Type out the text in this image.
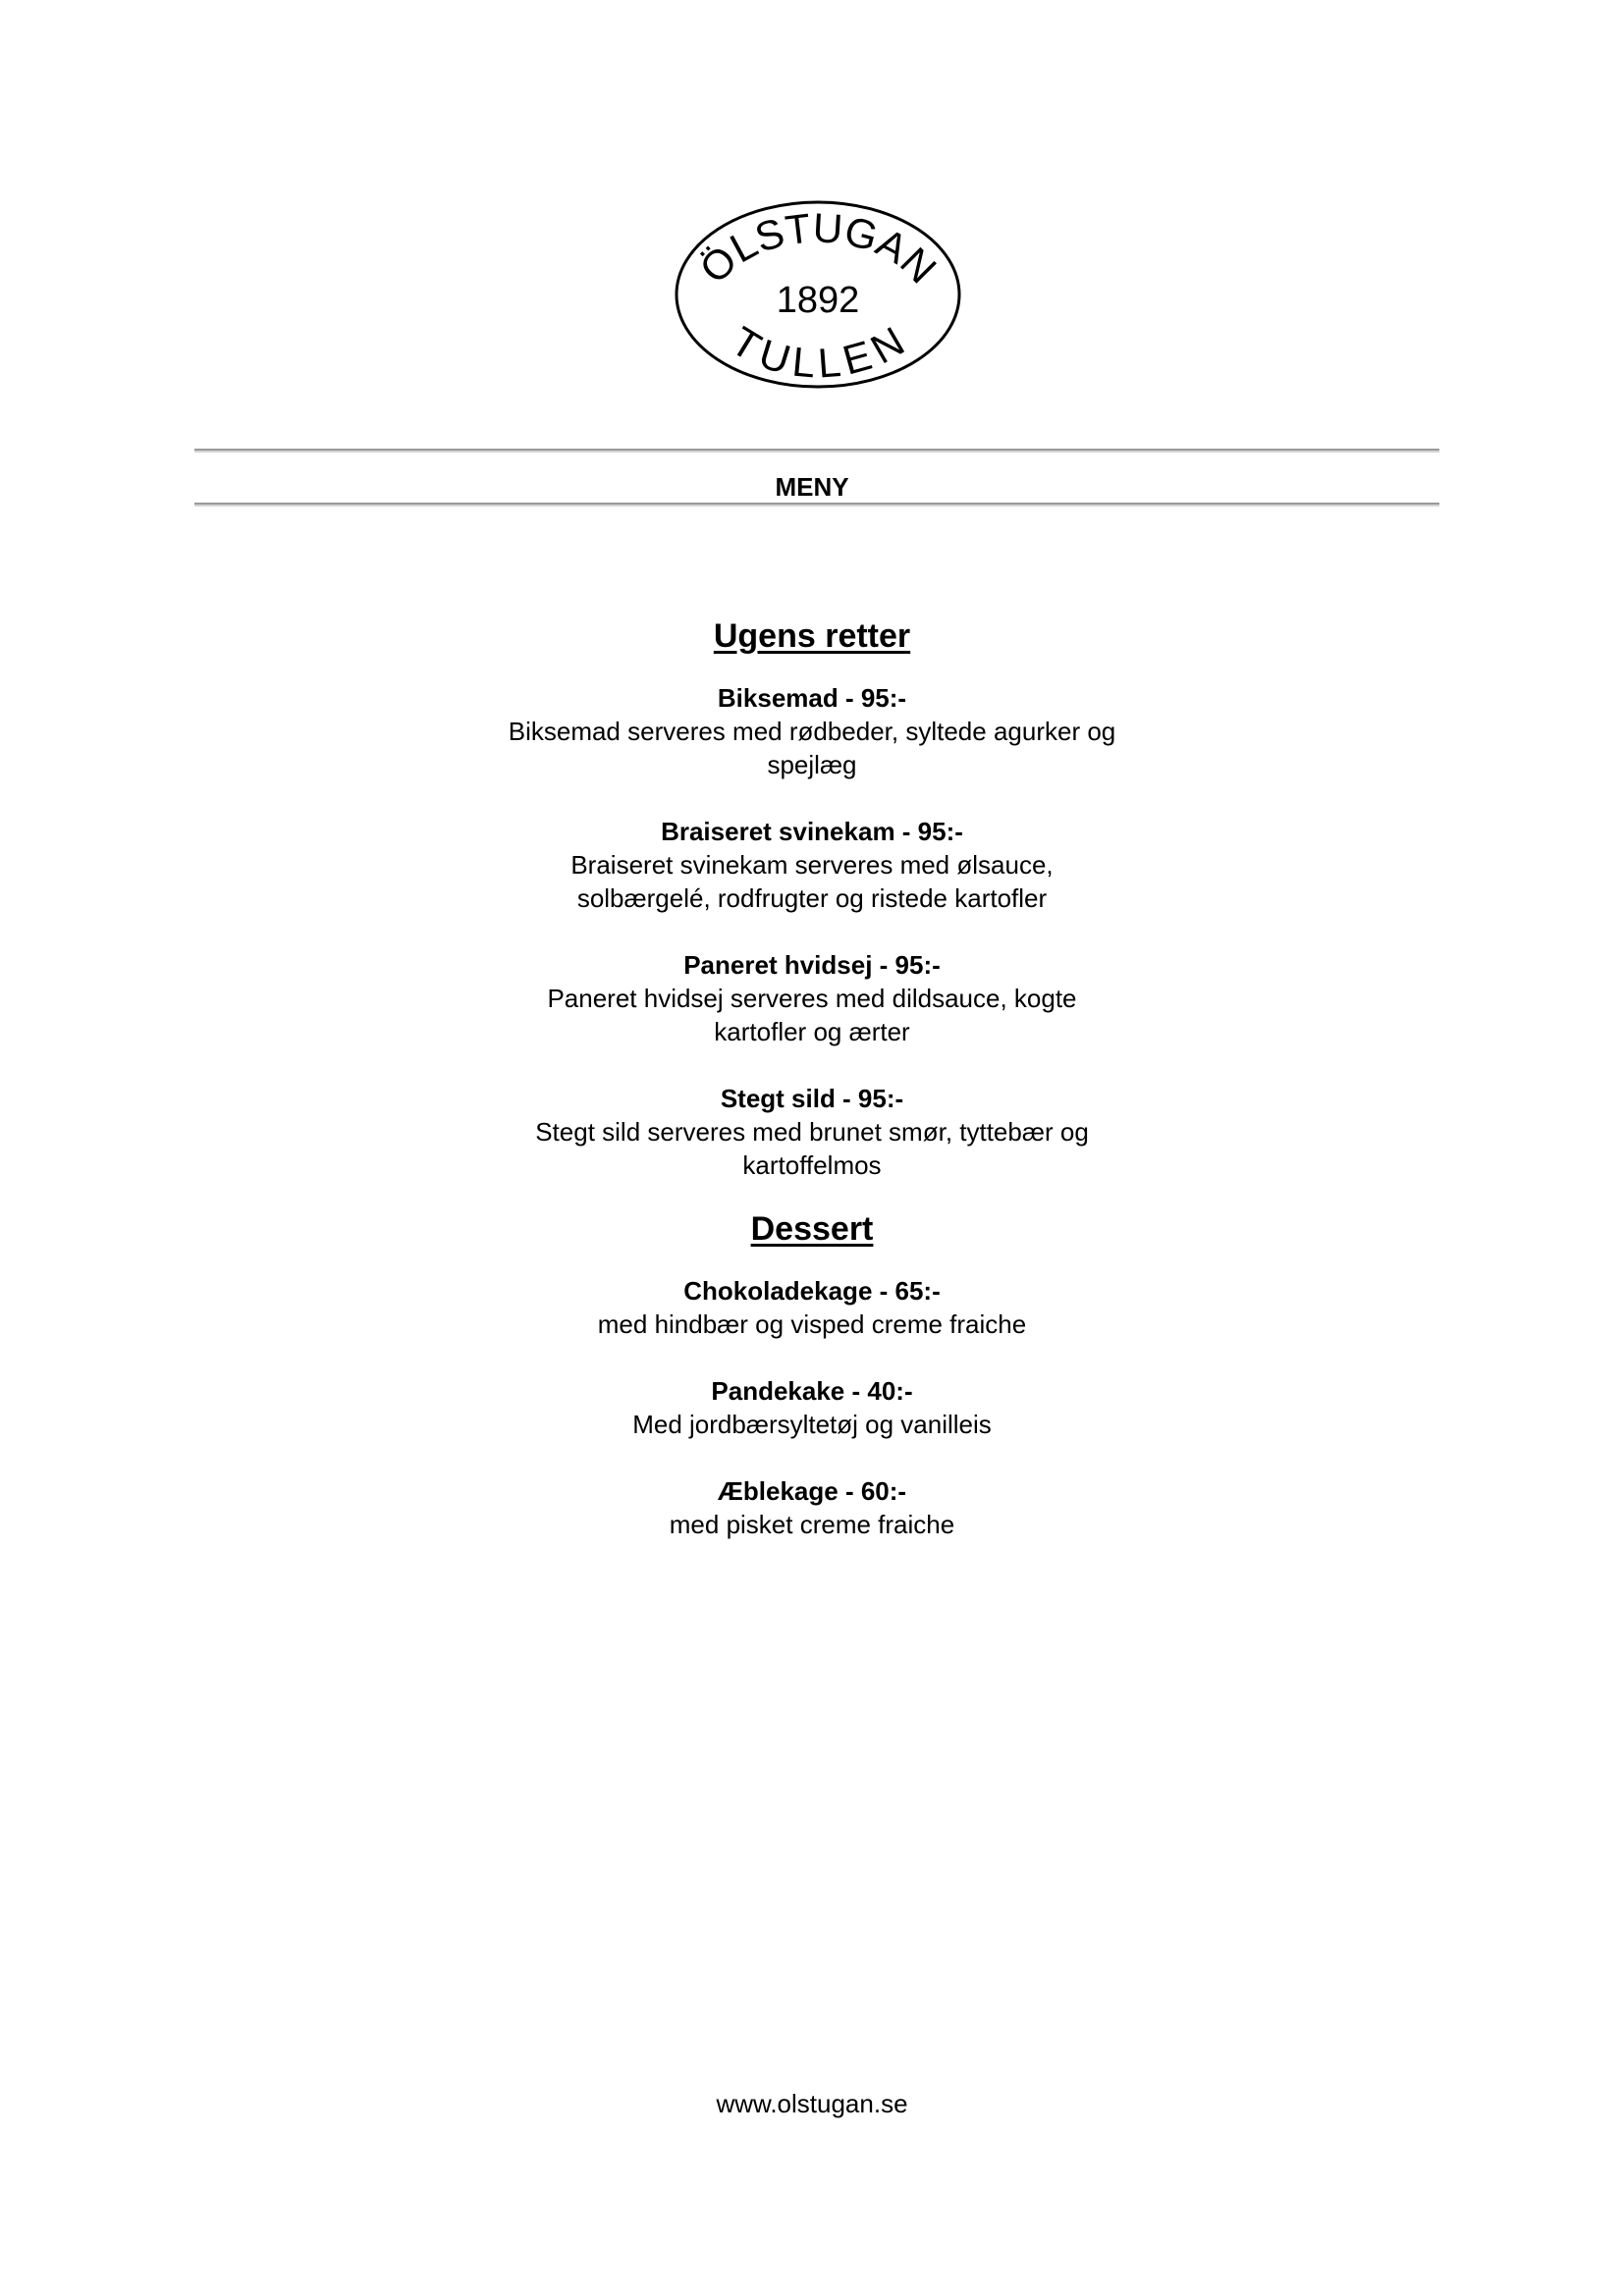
ÖLSTUGAN
1892
TULLEN
MENY
Ugens retter
Biksemad - 95:-
Biksemad serveres med rødbeder, syltede agurker og spejlæg
Braiseret svinekam - 95:-
Braiseret svinekam serveres med ølsauce, solbærgelé, rodfrugter og ristede kartofler
Paneret hvidsej - 95:-
Paneret hvidsej serveres med dildsauce, kogte kartofler og ærter
Stegt sild - 95:-
Stegt sild serveres med brunet smør, tyttebær og kartoffelmos
Dessert
Chokoladekage - 65:-
med hindbær og visped creme fraiche
Pandekake - 40:-
Med jordbærsyltetøj og vanilleis
Æblekage - 60:-
med pisket creme fraiche
www.olstugan.se
